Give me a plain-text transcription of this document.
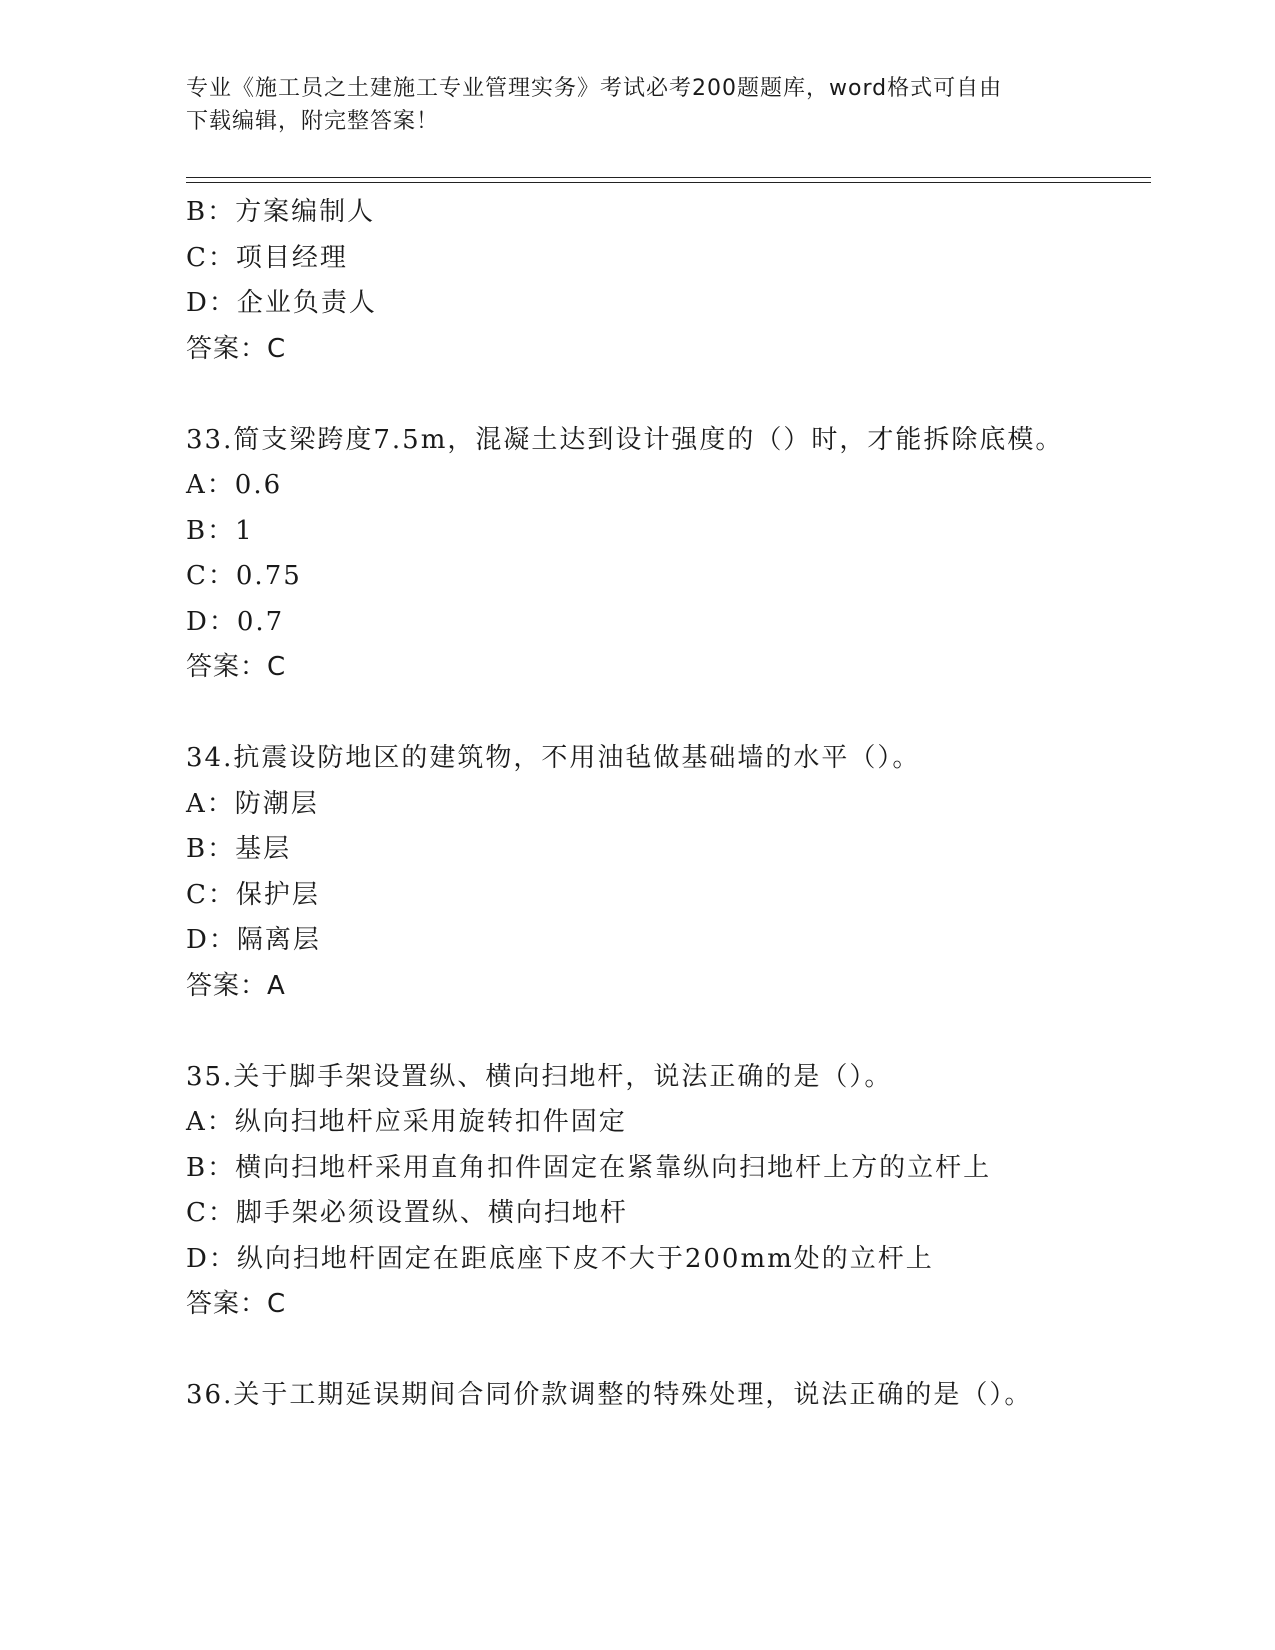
专业《施工员之土建施工专业管理实务》考试必考200题题库，word格式可自由
下载编辑，附完整答案！
B：方案编制人
C：项目经理
D：企业负责人
答案：C
33.简支梁跨度7.5m，混凝土达到设计强度的（）时，才能拆除底模。
A：0.6
B：1
C：0.75
D：0.7
答案：C
34.抗震设防地区的建筑物，不用油毡做基础墙的水平（）。
A：防潮层
B：基层
C：保护层
D：隔离层
答案：A
35.关于脚手架设置纵、横向扫地杆，说法正确的是（）。
A：纵向扫地杆应采用旋转扣件固定
B：横向扫地杆采用直角扣件固定在紧靠纵向扫地杆上方的立杆上
C：脚手架必须设置纵、横向扫地杆
D：纵向扫地杆固定在距底座下皮不大于200mm处的立杆上
答案：C
36.关于工期延误期间合同价款调整的特殊处理，说法正确的是（）。
